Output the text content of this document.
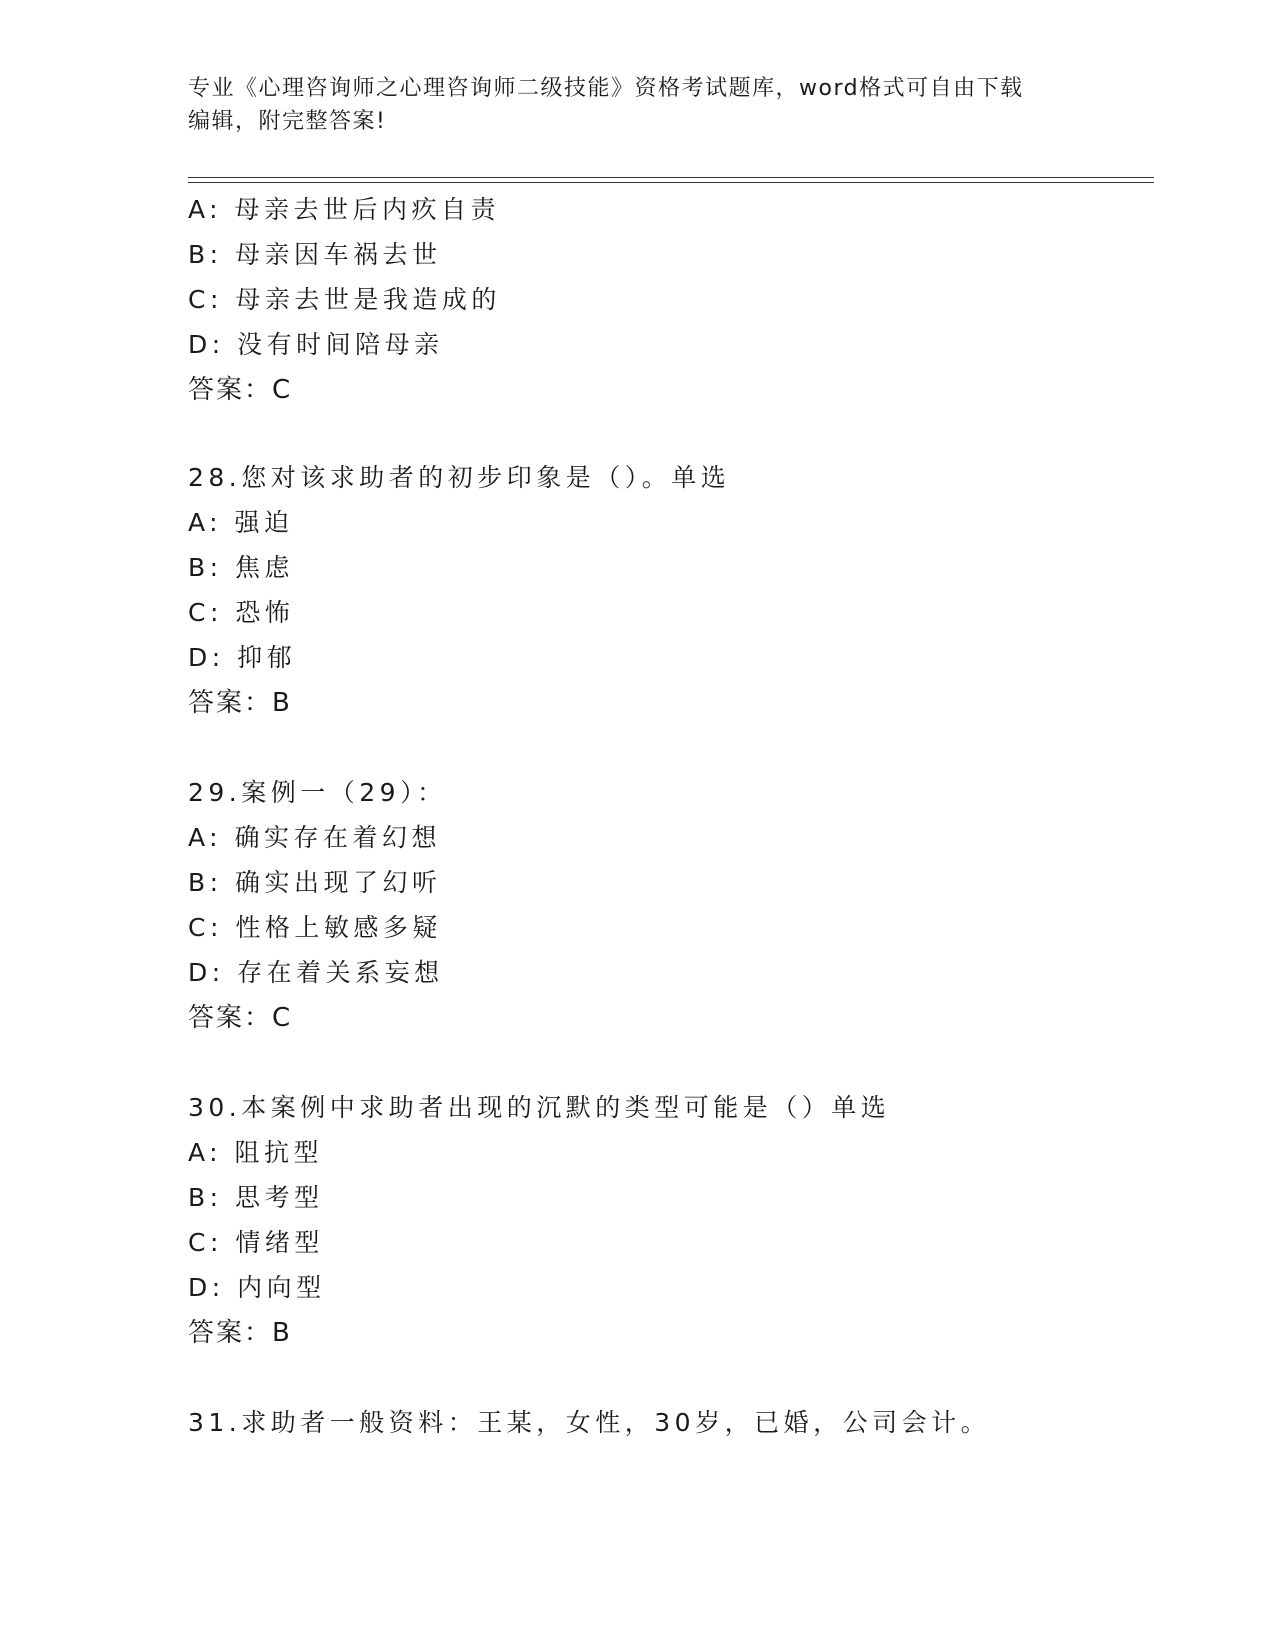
专业《心理咨询师之心理咨询师二级技能》资格考试题库，word格式可自由下载
编辑，附完整答案!
A: 母亲去世后内疚自责
B: 母亲因车祸去世
C: 母亲去世是我造成的
D: 没有时间陪母亲
答案：C
28.您对该求助者的初步印象是（）。单选
A: 强迫
B: 焦虑
C: 恐怖
D: 抑郁
答案：B
29.案例一（29）：
A: 确实存在着幻想
B: 确实出现了幻听
C: 性格上敏感多疑
D: 存在着关系妄想
答案：C
30.本案例中求助者出现的沉默的类型可能是（）单选
A: 阻抗型
B: 思考型
C: 情绪型
D: 内向型
答案：B
31.求助者一般资料：王某，女性，30岁，已婚，公司会计。
